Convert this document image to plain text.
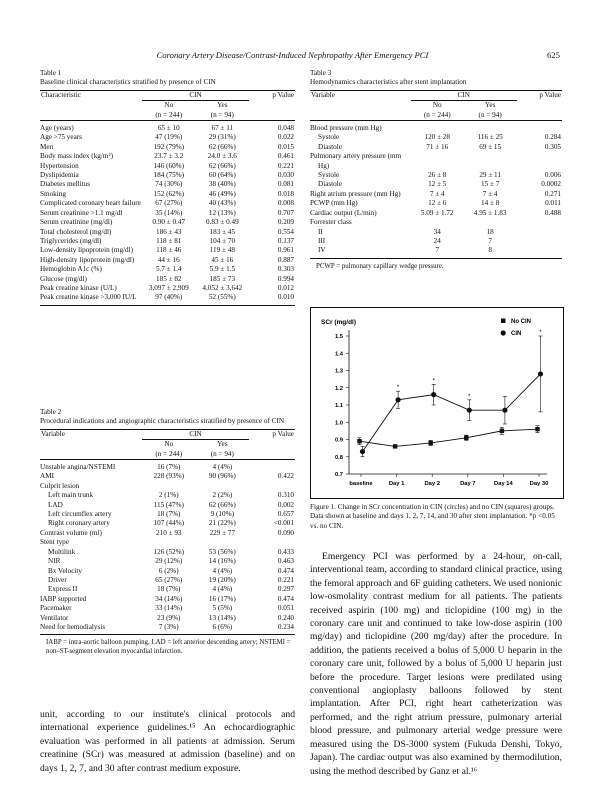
Coronary Artery Disease/Contrast-Induced Nephropathy After Emergency PCI	625
Table 1
Baseline clinical characteristics stratified by presence of CIN
Characteristic	CIN		p Value

	No	Yes	
	(n = 244)	(n = 94)	

Age (years)	65 ± 10	67 ± 11	0.048
Age >75 years	47 (19%)	29 (31%)	0.022
Men	192 (79%)	62 (66%)	0.015
Body mass index (kg/m²)	23.7 ± 3.2	24.0 ± 3.6	0.461
Hypertension	146 (60%)	62 (66%)	0.221
Dyslipidemia	184 (75%)	60 (64%)	0.030
Diabetes mellitus	74 (30%)	38 (40%)	0.081
Smoking	152 (62%)	46 (49%)	0.018
Complicated coronary heart failure	67 (27%)	40 (43%)	0.008
Serum creatinine >1.1 mg/dl	35 (14%)	12 (13%)	0.707
Serum creatinine (mg/dl)	0.90 ± 0.47	0.83 ± 0.49	0.209
Total cholesterol (mg/dl)	186 ± 43	183 ± 45	0.554
Triglycerides (mg/dl)	118 ± 81	104 ± 70	0.137
Low-density lipoprotein (mg/dl)	118 ± 46	119 ± 48	0.961
High-density lipoprotein (mg/dl)	44 ± 16	45 ± 16	0.887
Hemoglobin A1c (%)	5.7 ± 1.4	5.9 ± 1.5	0.303
Glucose (mg/dl)	185 ± 82	185 ± 73	0.994
Peak creatine kinase (U/L)	3,097 ± 2,909	4,052 ± 3,642	0.012
Peak creatine kinase >3,000 IU/L	97 (40%)	52 (55%)	0.010
Table 2
Procedural indications and angiographic characteristics stratified by presence of CIN
Variable	CIN		p Value

	No	Yes	
	(n = 244)	(n = 94)	

Unstable angina/NSTEMI	16 (7%)	4 (4%)	
AMI	228 (93%)	90 (96%)	0.422
Culprit lesion			
Left main trunk	2 (1%)	2 (2%)	0.310
LAD	115 (47%)	62 (66%)	0.002
Left circumflex artery	18 (7%)	9 (10%)	0.657
Right coronary artery	107 (44%)	21 (22%)	<0.001
Contrast volume (ml)	210 ± 93	229 ± 77	0.090
Stent type			
Multilink	126 (52%)	53 (56%)	0.433
NIR	29 (12%)	14 (16%)	0.463
Bx Velocity	6 (2%)	4 (4%)	0.474
Driver	65 (27%)	19 (20%)	0.221
Express II	18 (7%)	4 (4%)	0.297
IABP supported	34 (14%)	16 (17%)	0.474
Pacemaker	33 (14%)	5 (5%)	0.051
Ventilator	23 (9%)	13 (14%)	0.240
Need for hemodialysis	7 (3%)	6 (6%)	0.234
IABP = intra-aortic balloon pumping, LAD = left anterior descending artery; NSTEMI = non–ST-segment elevation myocardial infarction.

unit, according to our institute's clinical protocols and international experience guidelines.¹⁵ An echocardiographic evaluation was performed in all patients at admission. Serum creatinine (SCr) was measured at admission (baseline) and on days 1, 2, 7, and 30 after contrast medium exposure.

Table 3
Hemodynamics characteristics after stent implantation
Variable	CIN		p Value

	No	Yes	
	(n = 244)	(n = 94)	

Blood pressure (mm Hg)			
Systole	120 ± 28	116 ± 25	0.284
Diastole	71 ± 16	69 ± 15	0.305
Pulmonary artery pressure (mm Hg)			
Systole	26 ± 8	29 ± 11	0.006
Diastole	12 ± 5	15 ± 7	0.0002
Right atrium pressure (mm Hg)	7 ± 4	7 ± 4	0.271
PCWP (mm Hg)	12 ± 6	14 ± 8	0.011
Cardiac output (L/min)	5.09 ± 1.72	4.95 ± 1.83	0.488
Forrester class			
II	34	18	
III	24	7	
IV	7	8	
PCWP = pulmonary capillary wedge pressure.
SCr (mg/dl)
0.7
0.8
0.9
1.0
1.1
1.2
1.3
1.4
1.5
baseline	Day 1	Day 2	Day 7	Day 14	Day 30
*
*
*
*
No CIN
CIN
Figure 1. Change in SCr concentration in CIN (circles) and no CIN (squares) groups. Data shown at baseline and days 1, 2, 7, 14, and 30 after stent implantation. *p <0.05 vs. no CIN.

Emergency PCI was performed by a 24-hour, on-call, interventional team, according to standard clinical practice, using the femoral approach and 6F guiding catheters. We used nonionic low-osmolality contrast medium for all patients. The patients received aspirin (100 mg) and ticlopidine (100 mg) in the coronary care unit and continued to take low-dose aspirin (100 mg/day) and ticlopidine (200 mg/day) after the procedure. In addition, the patients received a bolus of 5,000 U heparin in the coronary care unit, followed by a bolus of 5,000 U heparin just before the procedure. Target lesions were predilated using conventional angioplasty balloons followed by stent implantation. After PCI, right heart catheterization was performed, and the right atrium pressure, pulmonary arterial blood pressure, and pulmonary arterial wedge pressure were measured using the DS-3000 system (Fukuda Denshi, Tokyo, Japan). The cardiac output was also examined by thermodilution, using the method described by Ganz et al.¹⁶
